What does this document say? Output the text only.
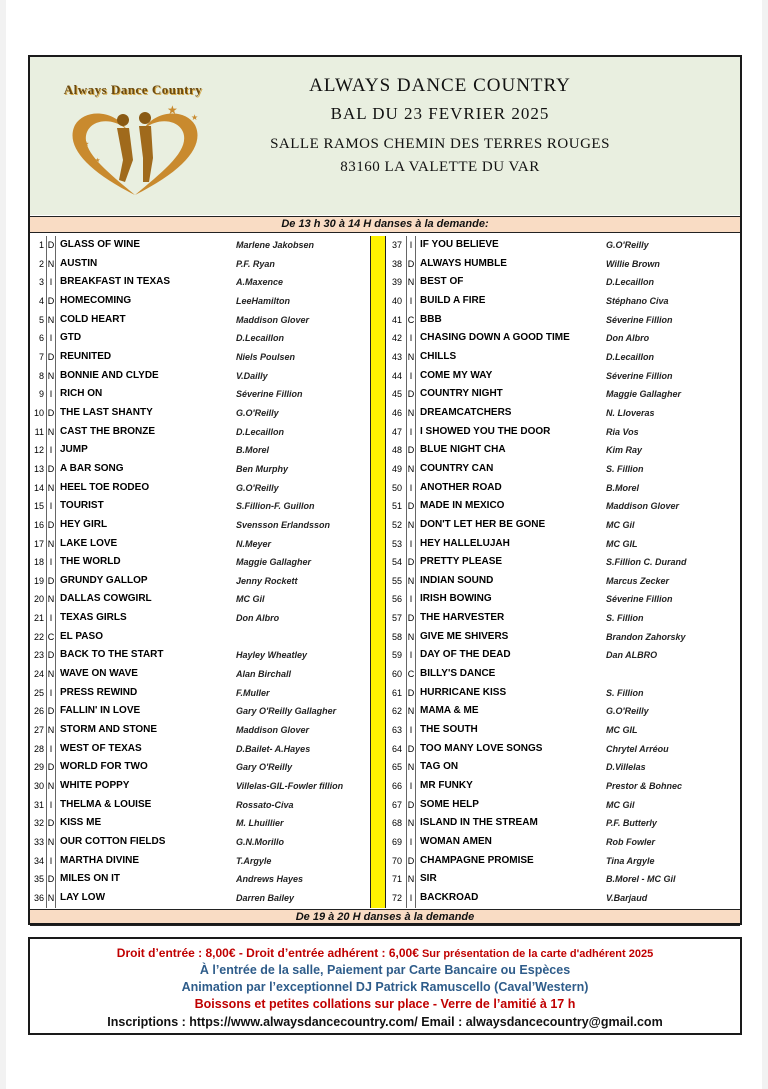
Always Dance Country
★
★
★
★
★
★
ALWAYS DANCE COUNTRY
BAL DU 23 FEVRIER 2025
SALLE RAMOS CHEMIN DES TERRES ROUGES
83160 LA VALETTE DU VAR
De 13 h 30 à 14 H danses à la demande:
1 D GLASS OF WINE	Marlene Jakobsen
2 N AUSTIN	P.F. Ryan
3 I BREAKFAST IN TEXAS	A.Maxence
4 D HOMECOMING	LeeHamilton
5 N COLD HEART	Maddison Glover
6 I GTD	D.Lecaillon
7 D REUNITED	Niels Poulsen
8 N BONNIE AND CLYDE	V.Dailly
9 I RICH ON	Séverine Fillion
10 D THE LAST SHANTY	G.O'Reilly
11 N CAST THE BRONZE	D.Lecaillon
12 I JUMP	B.Morel
13 D A BAR SONG	Ben Murphy
14 N HEEL TOE RODEO	G.O'Reilly
15 I TOURIST	S.Fillion-F. Guillon
16 D HEY GIRL	Svensson Erlandsson
17 N LAKE LOVE	N.Meyer
18 I THE WORLD	Maggie Gallagher
19 D GRUNDY GALLOP	Jenny Rockett
20 N DALLAS COWGIRL	MC Gil
21 I TEXAS GIRLS	Don Albro
22 C EL PASO
23 D BACK TO THE START	Hayley Wheatley
24 N WAVE ON WAVE	Alan Birchall
25 I PRESS REWIND	F.Muller
26 D FALLIN' IN LOVE	Gary O'Reilly Gallagher
27 N STORM AND STONE	Maddison Glover
28 I WEST OF TEXAS	D.Bailet- A.Hayes
29 D WORLD FOR TWO	Gary O'Reilly
30 N WHITE POPPY	Villelas-GIL-Fowler fillion
31 I THELMA & LOUISE	Rossato-Civa
32 D KISS ME	M. Lhuillier
33 N OUR COTTON FIELDS	G.N.Morillo
34 I MARTHA DIVINE	T.Argyle
35 D MILES ON IT	Andrews Hayes
36 N LAY LOW	Darren Bailey
37 I IF YOU BELIEVE	G.O'Reilly
38 D ALWAYS HUMBLE	Willie Brown
39 N BEST OF	D.Lecaillon
40 I BUILD A FIRE	Stéphano Civa
41 C BBB	Séverine Fillion
42 I CHASING DOWN A GOOD TIME	Don Albro
43 N CHILLS	D.Lecaillon
44 I COME MY WAY	Séverine Fillion
45 D COUNTRY NIGHT	Maggie Gallagher
46 N DREAMCATCHERS	N. Lloveras
47 I I SHOWED YOU THE DOOR	Ria Vos
48 D BLUE NIGHT CHA	Kim Ray
49 N COUNTRY CAN	S. Fillion
50 I ANOTHER ROAD	B.Morel
51 D MADE IN MEXICO	Maddison Glover
52 N DON'T LET HER BE GONE	MC Gil
53 I HEY HALLELUJAH	MC GIL
54 D PRETTY PLEASE	S.Fillion C. Durand
55 N INDIAN SOUND	Marcus Zecker
56 I IRISH BOWING	Séverine Fillion
57 D THE HARVESTER	S. Fillion
58 N GIVE ME SHIVERS	Brandon Zahorsky
59 I DAY OF THE DEAD	Dan ALBRO
60 C BILLY'S DANCE
61 D HURRICANE KISS	S. Fillion
62 N MAMA & ME	G.O'Reilly
63 I THE SOUTH	MC GIL
64 D TOO MANY LOVE SONGS	Chrytel Arréou
65 N TAG ON	D.Villelas
66 I MR FUNKY	Prestor & Bohnec
67 D SOME HELP	MC Gil
68 N ISLAND IN THE STREAM	P.F. Butterly
69 I WOMAN AMEN	Rob Fowler
70 D CHAMPAGNE PROMISE	Tina Argyle
71 N SIR	B.Morel - MC Gil
72 I BACKROAD	V.Barjaud
De 19 à 20 H danses à la demande
Droit d’entrée : 8,00€ - Droit d’entrée adhérent : 6,00€ Sur présentation de la carte d'adhérent 2025
À l’entrée de la salle, Paiement par Carte Bancaire ou Espèces
Animation par l’exceptionnel DJ Patrick Ramuscello (Caval’Western)
Boissons et petites collations sur place - Verre de l’amitié à 17 h
Inscriptions : https://www.alwaysdancecountry.com/ Email : alwaysdancecountry@gmail.com
